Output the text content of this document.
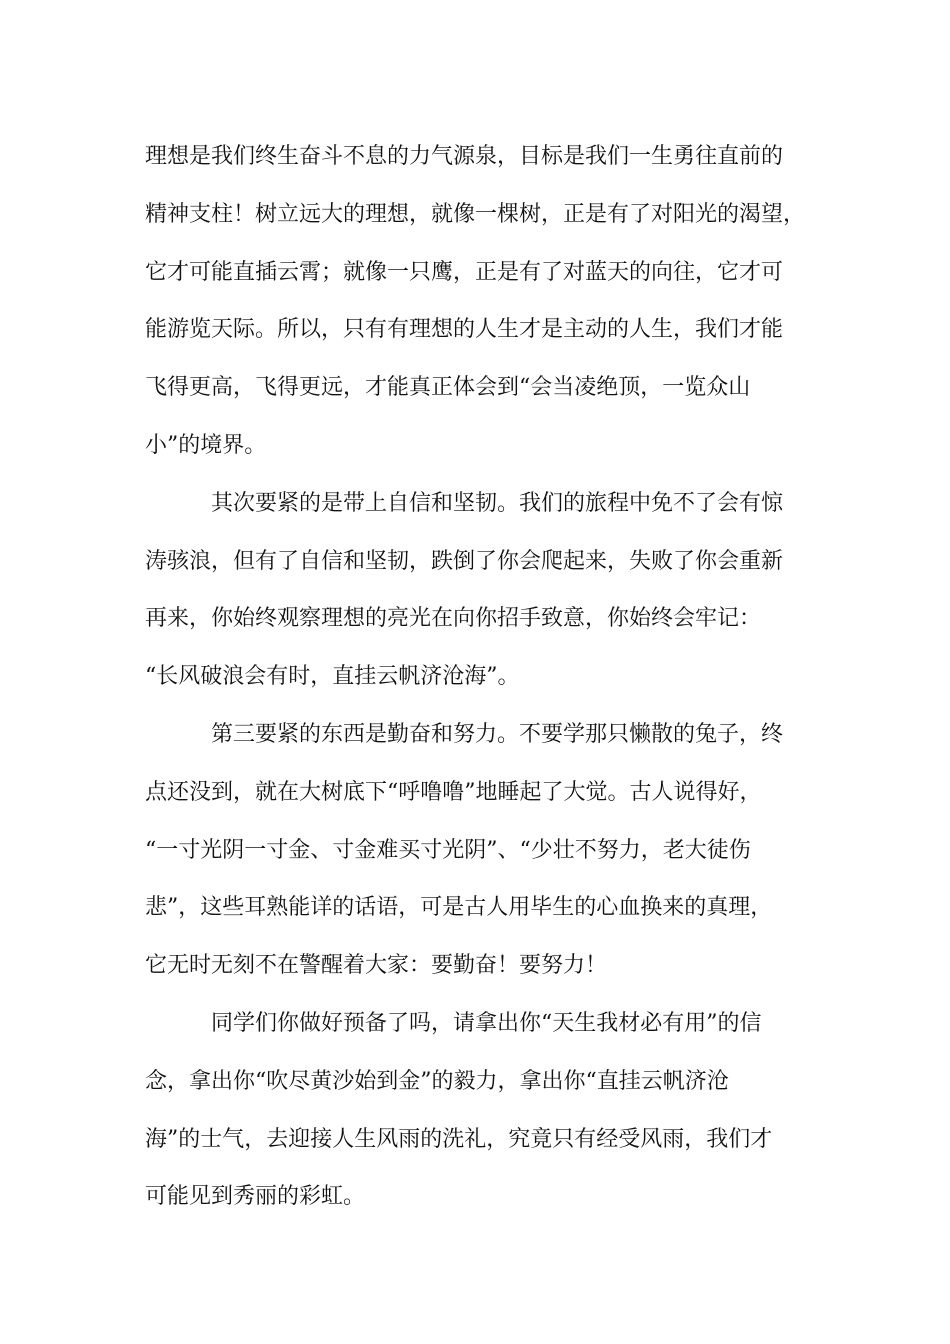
理想是我们终生奋斗不息的力气源泉，目标是我们一生勇往直前的
精神支柱！树立远大的理想，就像一棵树，正是有了对阳光的渴望，
它才可能直插云霄；就像一只鹰，正是有了对蓝天的向往，它才可
能游览天际。所以，只有有理想的人生才是主动的人生，我们才能
飞得更高，飞得更远，才能真正体会到“会当凌绝顶，一览众山
小”的境界。
其次要紧的是带上自信和坚韧。我们的旅程中免不了会有惊
涛骇浪，但有了自信和坚韧，跌倒了你会爬起来，失败了你会重新
再来，你始终观察理想的亮光在向你招手致意，你始终会牢记：
“长风破浪会有时，直挂云帆济沧海”。
第三要紧的东西是勤奋和努力。不要学那只懒散的兔子，终
点还没到，就在大树底下“呼噜噜”地睡起了大觉。古人说得好，
“一寸光阴一寸金、寸金难买寸光阴”、“少壮不努力，老大徒伤
悲”，这些耳熟能详的话语，可是古人用毕生的心血换来的真理，
它无时无刻不在警醒着大家：要勤奋！要努力！
同学们你做好预备了吗，请拿出你“天生我材必有用”的信
念，拿出你“吹尽黄沙始到金”的毅力，拿出你“直挂云帆济沧
海”的士气，去迎接人生风雨的洗礼，究竟只有经受风雨，我们才
可能见到秀丽的彩虹。
